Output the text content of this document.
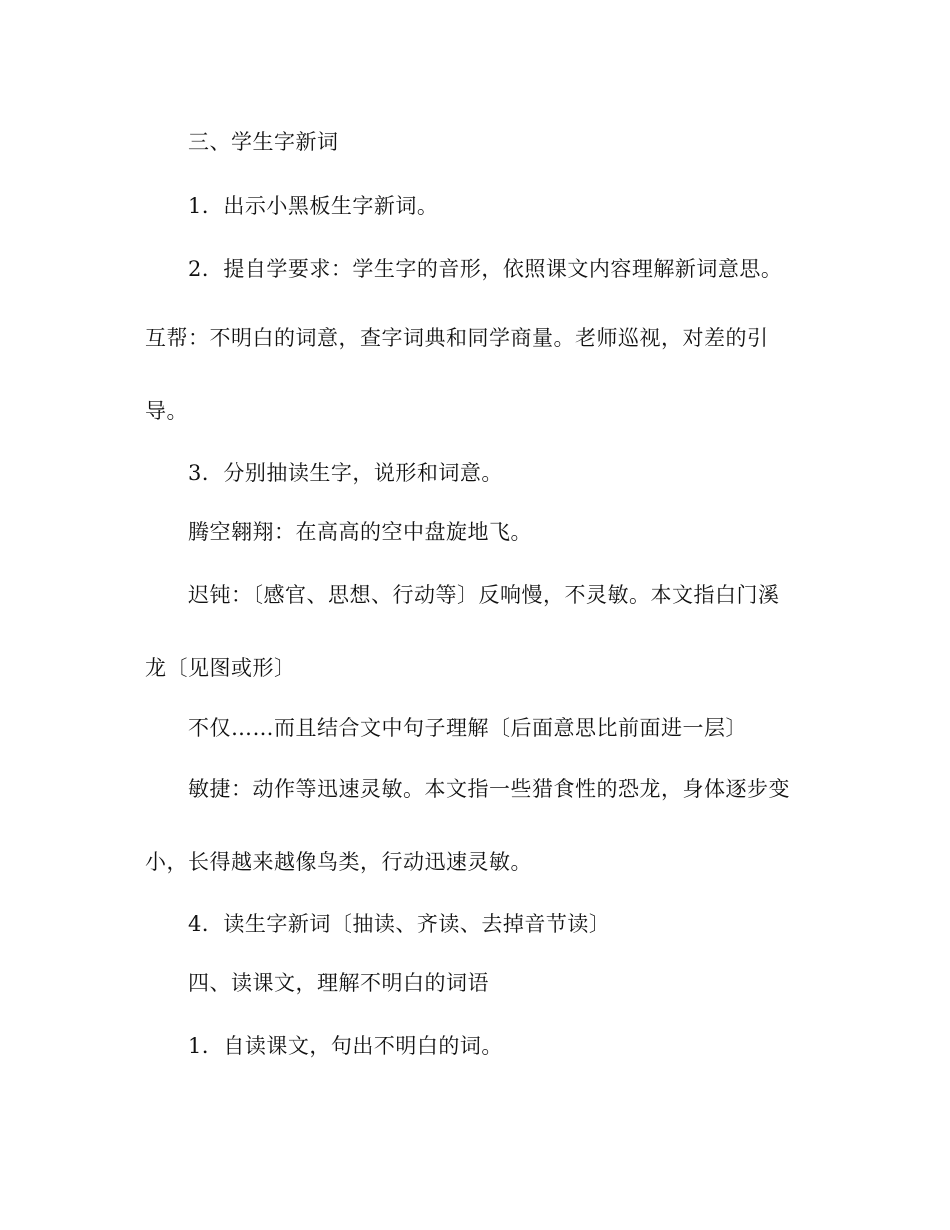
三、学生字新词
1．出示小黑板生字新词。
2．提自学要求：学生字的音形，依照课文内容理解新词意思。
互帮：不明白的词意，查字词典和同学商量。老师巡视，对差的引
导。
3．分别抽读生字，说形和词意。
腾空翱翔：在高高的空中盘旋地飞。
迟钝：〔感官、思想、行动等〕反响慢，不灵敏。本文指白门溪
龙〔见图或形〕
不仅……而且结合文中句子理解〔后面意思比前面进一层〕
敏捷：动作等迅速灵敏。本文指一些猎食性的恐龙，身体逐步变
小，长得越来越像鸟类，行动迅速灵敏。
4．读生字新词〔抽读、齐读、去掉音节读〕
四、读课文，理解不明白的词语
1．自读课文，句出不明白的词。
